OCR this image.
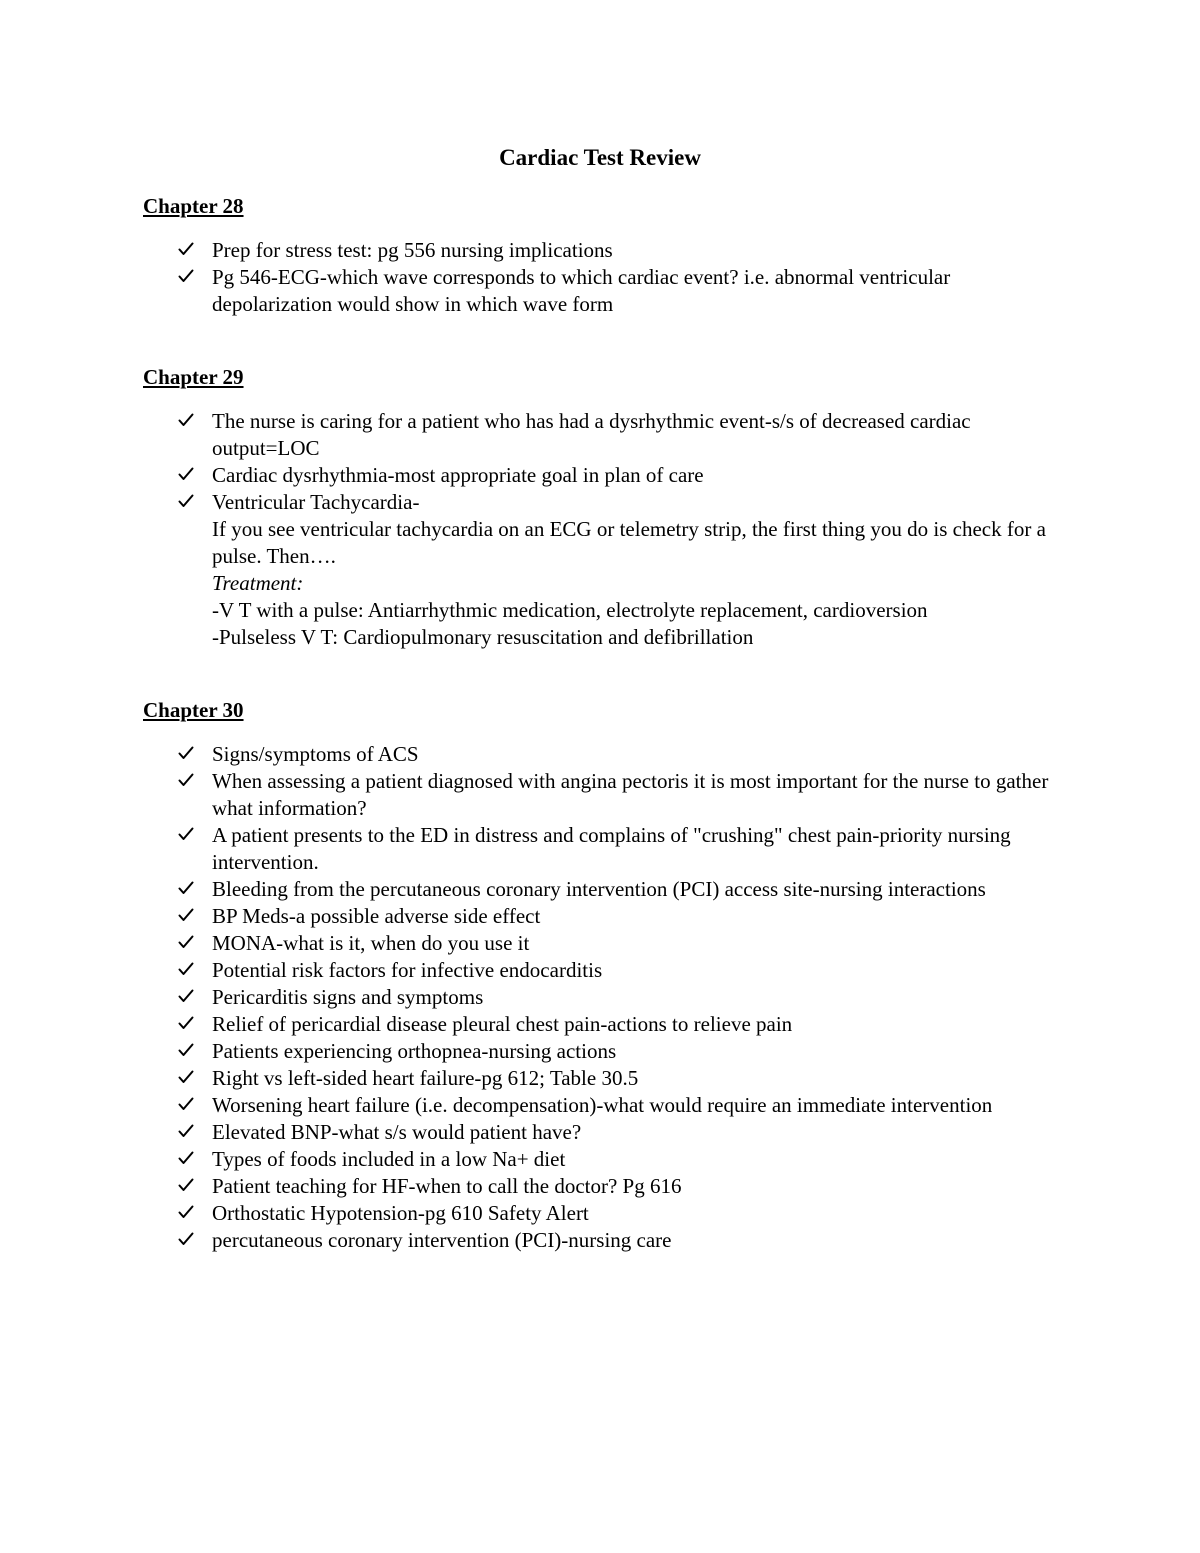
Cardiac Test Review
Chapter 28
Prep for stress test: pg 556 nursing implications
Pg 546-ECG-which wave corresponds to which cardiac event? i.e. abnormal ventricular depolarization would show in which wave form
Chapter 29
The nurse is caring for a patient who has had a dysrhythmic event-s/s of decreased cardiac output=LOC
Cardiac dysrhythmia-most appropriate goal in plan of care
Ventricular Tachycardia-
If you see ventricular tachycardia on an ECG or telemetry strip, the first thing you do is check for a pulse. Then….
Treatment:
-V T with a pulse: Antiarrhythmic medication, electrolyte replacement, cardioversion
-Pulseless V T: Cardiopulmonary resuscitation and defibrillation
Chapter 30
Signs/symptoms of ACS
When assessing a patient diagnosed with angina pectoris it is most important for the nurse to gather what information?
A patient presents to the ED in distress and complains of "crushing" chest pain-priority nursing intervention.
Bleeding from the percutaneous coronary intervention (PCI) access site-nursing interactions
BP Meds-a possible adverse side effect
MONA-what is it, when do you use it
Potential risk factors for infective endocarditis
Pericarditis signs and symptoms
Relief of pericardial disease pleural chest pain-actions to relieve pain
Patients experiencing orthopnea-nursing actions
Right vs left-sided heart failure-pg 612; Table 30.5
Worsening heart failure (i.e. decompensation)-what would require an immediate intervention
Elevated BNP-what s/s would patient have?
Types of foods included in a low Na+ diet
Patient teaching for HF-when to call the doctor? Pg 616
Orthostatic Hypotension-pg 610 Safety Alert
percutaneous coronary intervention (PCI)-nursing care
